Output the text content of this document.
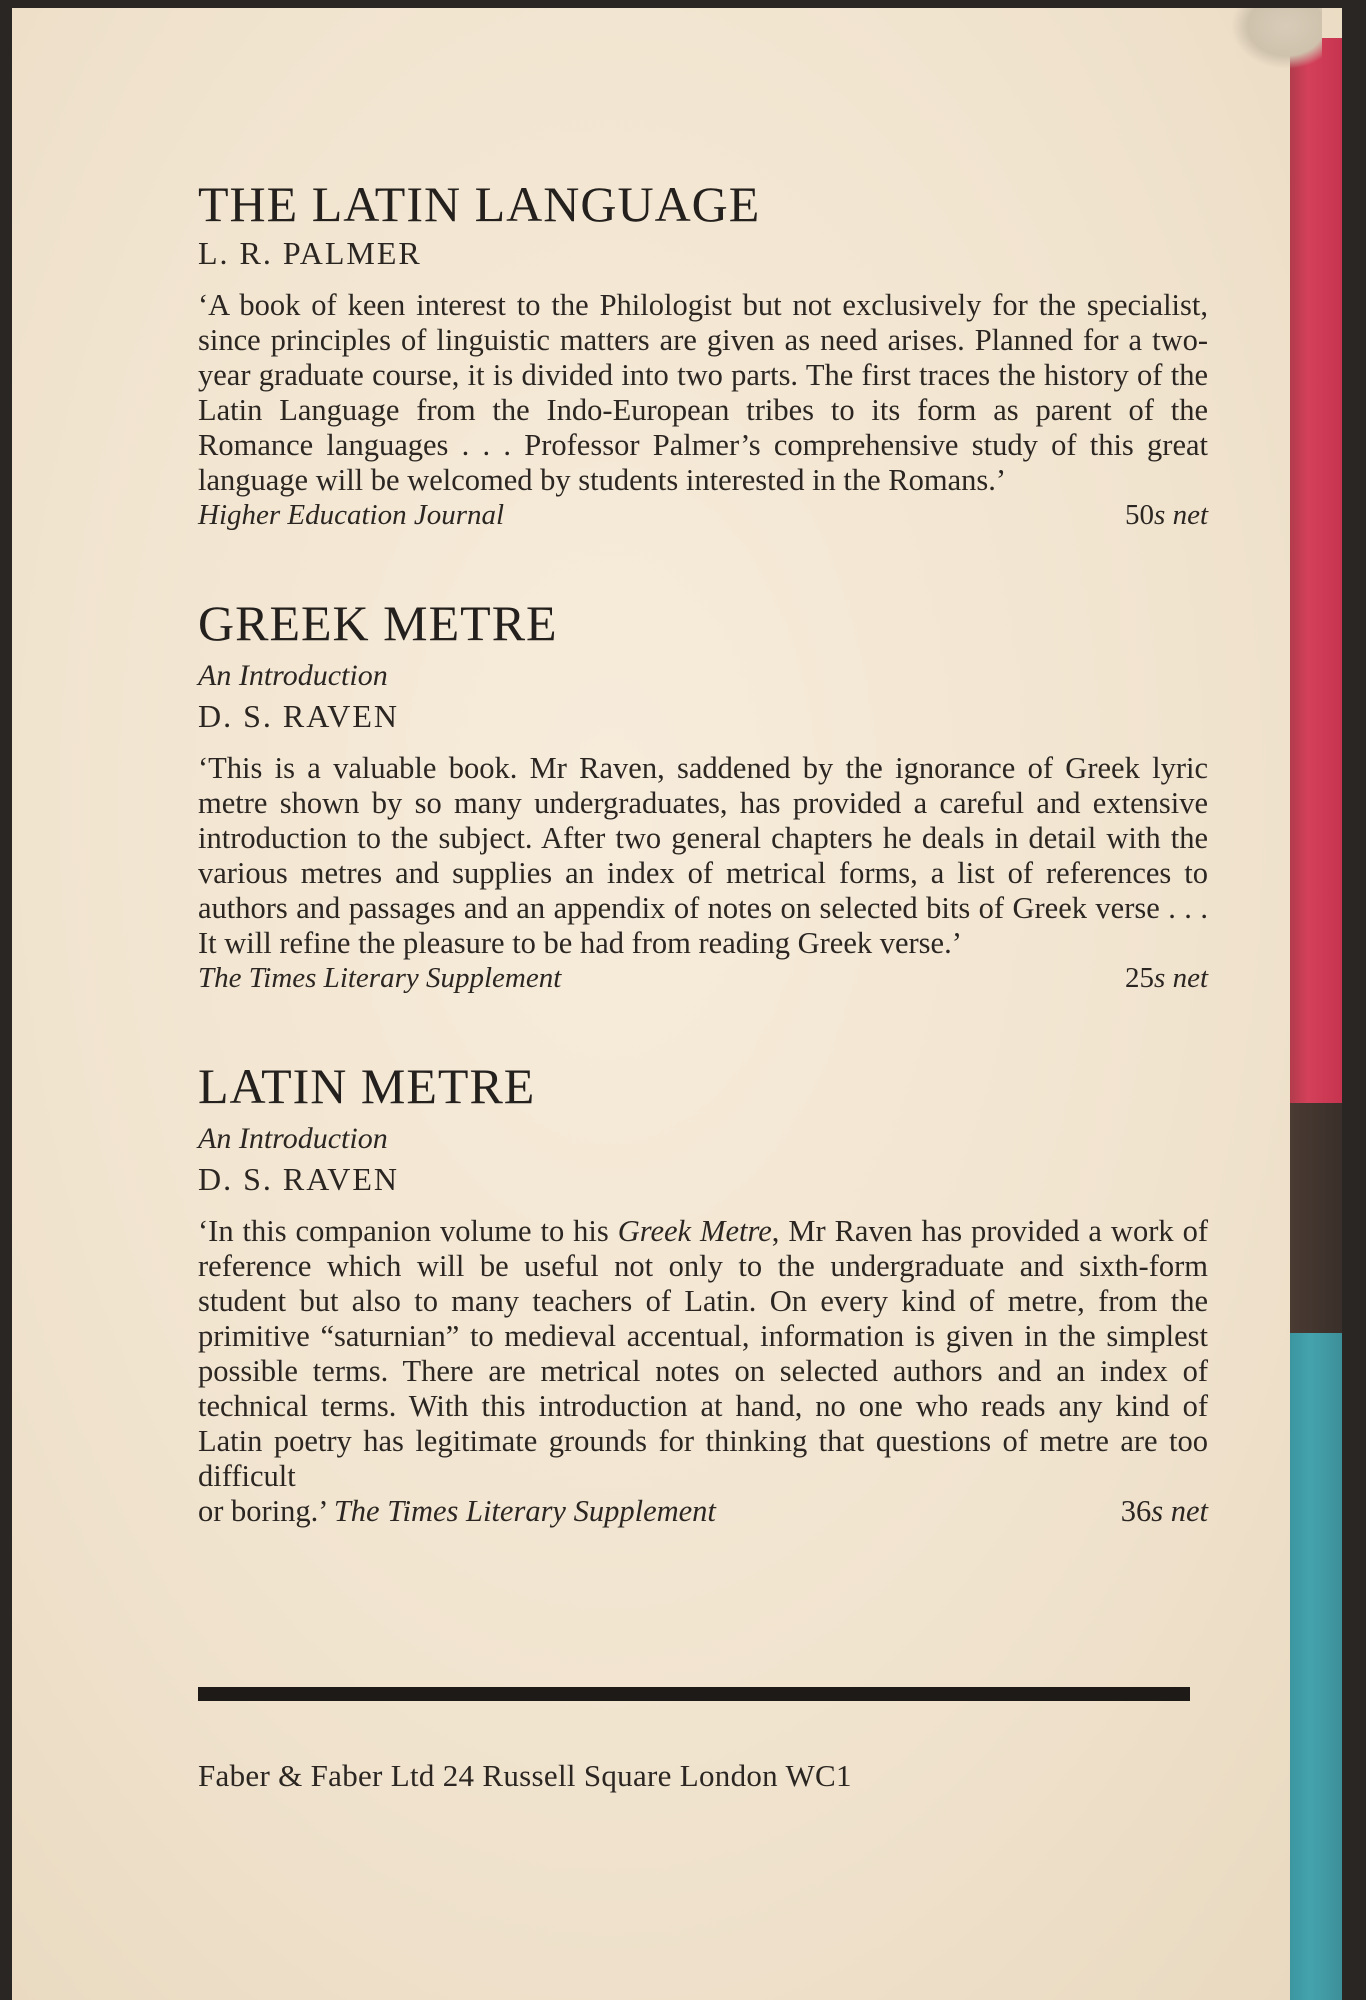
THE LATIN LANGUAGE
L. R. PALMER
‘A book of keen interest to the Philologist but not exclusively for the specialist, since principles of linguistic matters are given as need arises. Planned for a two-year graduate course, it is divided into two parts. The first traces the history of the Latin Language from the Indo-European tribes to its form as parent of the Romance languages . . . Professor Palmer’s comprehensive study of this great language will be welcomed by students interested in the Romans.’
Higher Education Journal	50s net
GREEK METRE
An Introduction
D. S. RAVEN
‘This is a valuable book. Mr Raven, saddened by the ignorance of Greek lyric metre shown by so many undergraduates, has provided a careful and extensive introduction to the subject. After two general chapters he deals in detail with the various metres and supplies an index of metrical forms, a list of references to authors and passages and an appendix of notes on selected bits of Greek verse . . . It will refine the pleasure to be had from reading Greek verse.’
The Times Literary Supplement	25s net
LATIN METRE
An Introduction
D. S. RAVEN
‘In this companion volume to his Greek Metre, Mr Raven has provided a work of reference which will be useful not only to the undergraduate and sixth-form student but also to many teachers of Latin. On every kind of metre, from the primitive “saturnian” to medieval accentual, information is given in the simplest possible terms. There are metrical notes on selected authors and an index of technical terms. With this introduction at hand, no one who reads any kind of Latin poetry has legitimate grounds for thinking that questions of metre are too difficult
or boring.’ The Times Literary Supplement	36s net
Faber & Faber Ltd 24 Russell Square London WC1
